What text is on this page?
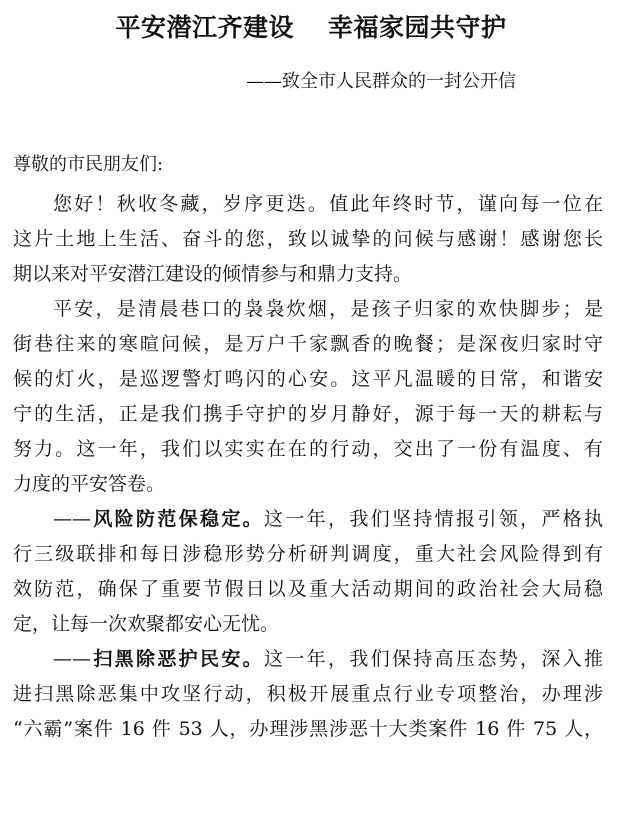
平安潜江齐建设 幸福家园共守护
——致全市人民群众的一封公开信
尊敬的市民朋友们:
您好！秋收冬藏，岁序更迭。值此年终时节，谨向每一位在
这片土地上生活、奋斗的您，致以诚挚的问候与感谢！感谢您长
期以来对平安潜江建设的倾情参与和鼎力支持。
平安，是清晨巷口的袅袅炊烟，是孩子归家的欢快脚步；是
街巷往来的寒暄问候，是万户千家飘香的晚餐；是深夜归家时守
候的灯火，是巡逻警灯鸣闪的心安。这平凡温暖的日常，和谐安
宁的生活，正是我们携手守护的岁月静好，源于每一天的耕耘与
努力。这一年，我们以实实在在的行动，交出了一份有温度、有
力度的平安答卷。
——风险防范保稳定。这一年，我们坚持情报引领，严格执
行三级联排和每日涉稳形势分析研判调度，重大社会风险得到有
效防范，确保了重要节假日以及重大活动期间的政治社会大局稳
定，让每一次欢聚都安心无忧。
——扫黑除恶护民安。这一年，我们保持高压态势，深入推
进扫黑除恶集中攻坚行动，积极开展重点行业专项整治，办理涉
“六霸”案件 16 件 53 人，办理涉黑涉恶十大类案件 16 件 75 人，
